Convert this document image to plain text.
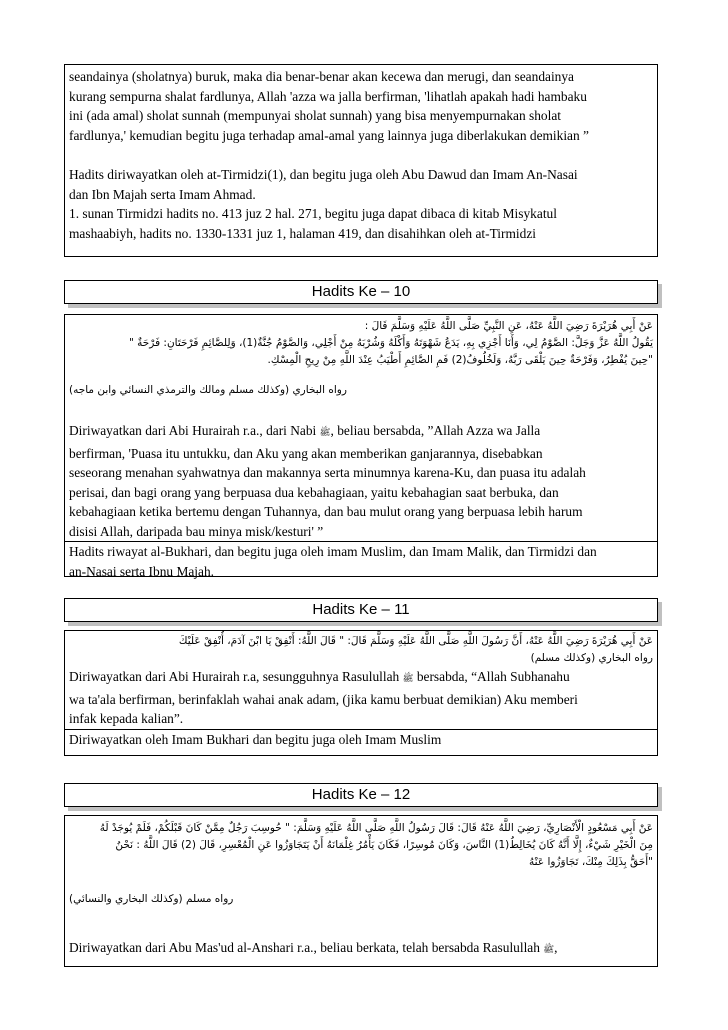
seandainya (sholatnya) buruk, maka dia benar-benar akan kecewa dan merugi, dan seandainya

kurang sempurna shalat fardlunya, Allah 'azza wa jalla berfirman, 'lihatlah apakah hadi hambaku

ini (ada amal) sholat sunnah (mempunyai sholat sunnah) yang bisa menyempurnakan sholat

fardlunya,' kemudian begitu juga terhadap amal-amal yang lainnya juga diberlakukan demikian ”

Hadits diriwayatkan oleh at-Tirmidzi(1), dan begitu juga oleh Abu Dawud dan Imam An-Nasai

dan Ibn Majah serta Imam Ahmad.

1. sunan Tirmidzi hadits no. 413 juz 2 hal. 271, begitu juga dapat dibaca di kitab Misykatul

mashaabiyh, hadits no. 1330-1331 juz 1, halaman 419, dan disahihkan oleh at-Tirmidzi

Hadits Ke – 10
عَنْ أَبِي هُرَيْرَةَ رَضِيَ اللَّهُ عَنْهُ، عَنِ النَّبِيِّ صَلَّى اللَّهُ عَلَيْهِ وَسَلَّمَ قَالَ :
يَقُولُ اللَّهُ عَزَّ وَجَلَّ: الصَّوْمُ لِي، وَأَنَا أَجْزِي بِهِ، يَدَعُ شَهْوَتَهُ وَأَكْلَهُ وَشُرْبَهُ مِنْ أَجْلِي، وَالصَّوْمُ جُنَّةٌ(1)، وَلِلصَّائِمِ فَرْحَتَانِ: فَرْحَةٌ "
"حِينَ يُفْطِرُ، وَفَرْحَةٌ حِينَ يَلْقَى رَبَّهُ، وَلَخُلُوفُ(2) فَمِ الصَّائِمِ أَطْيَبُ عِنْدَ اللَّهِ مِنْ رِيحِ الْمِسْكِ.
رواه البخاري (وكذلك مسلم ومالك والترمذي النسائي وابن ماجه)

Diriwayatkan dari Abi Hurairah r.a., dari Nabi ﷺ, beliau bersabda, ”Allah Azza wa Jalla

berfirman, 'Puasa itu untukku, dan Aku yang akan memberikan ganjarannya, disebabkan

seseorang menahan syahwatnya dan makannya serta minumnya karena-Ku, dan puasa itu adalah

perisai, dan bagi orang yang berpuasa dua kebahagiaan, yaitu kebahagian saat berbuka, dan

kebahagiaan ketika bertemu dengan Tuhannya, dan bau mulut orang yang berpuasa lebih harum

disisi Allah, daripada bau minya misk/kesturi' ”

Hadits riwayat al-Bukhari, dan begitu juga oleh imam Muslim, dan Imam Malik, dan Tirmidzi dan

an-Nasai serta Ibnu Majah.

Hadits Ke – 11
عَنْ أَبِي هُرَيْرَةَ رَضِيَ اللَّهُ عَنْهُ، أَنَّ رَسُولَ اللَّهِ صَلَّى اللَّهُ عَلَيْهِ وَسَلَّمَ قَالَ: " قَالَ اللَّهُ: أَنْفِقْ يَا ابْنَ آدَمَ، أُنْفِقْ عَلَيْكَ
رواه البخاري (وكذلك مسلم)

Diriwayatkan dari Abi Hurairah r.a, sesungguhnya Rasulullah ﷺ bersabda, “Allah Subhanahu

wa ta'ala berfirman, berinfaklah wahai anak adam, (jika kamu berbuat demikian) Aku memberi

infak kepada kalian”.

Diriwayatkan oleh Imam Bukhari dan begitu juga oleh Imam Muslim

Hadits Ke – 12
عَنْ أَبِي مَسْعُودٍ الْأَنْصَارِيِّ، رَضِيَ اللَّهُ عَنْهُ قَالَ: قَالَ رَسُولُ اللَّهِ صَلَّى اللَّهُ عَلَيْهِ وَسَلَّمَ: " حُوسِبَ رَجُلٌ مِمَّنْ كَانَ قَبْلَكُمْ، فَلَمْ يُوجَدْ لَهُ
مِنَ الْخَيْرِ شَيْءٌ، إِلَّا أَنَّهُ كَانَ يُخَالِطُ(1) النَّاسَ، وَكَانَ مُوسِرًا، فَكَانَ يَأْمُرُ غِلْمَانَهُ أَنْ يَتَجَاوَزُوا عَنِ الْمُعْسِرِ، قَالَ (2) قَالَ اللَّهُ : نَحْنُ
"أَحَقُّ بِذَلِكَ مِنْكَ، تَجَاوَزُوا عَنْهُ
رواه مسلم (وكذلك البخاري والنسائي)

Diriwayatkan dari Abu Mas'ud al-Anshari r.a., beliau berkata, telah bersabda Rasulullah ﷺ,
